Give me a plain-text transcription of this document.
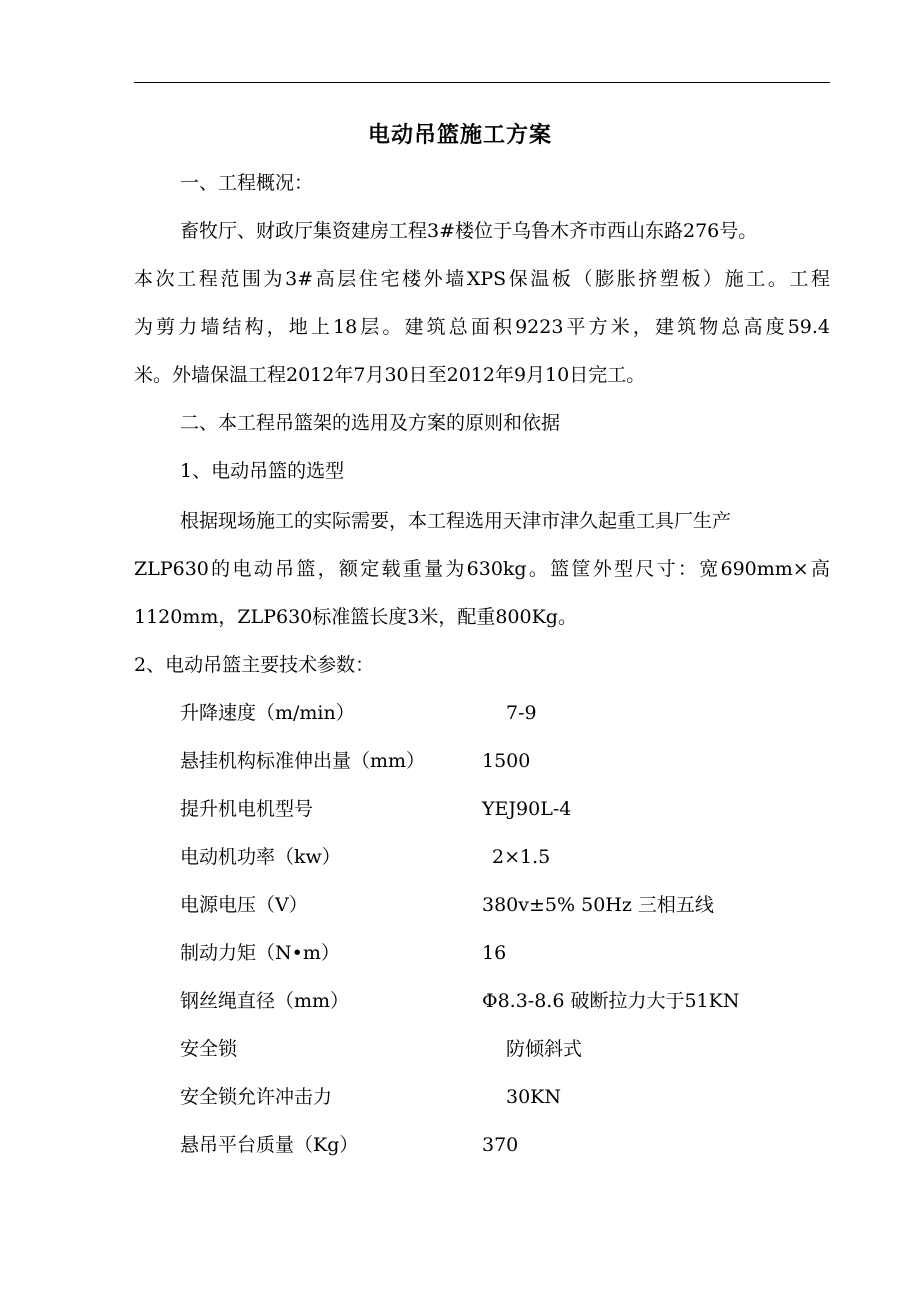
电动吊篮施工方案
一、工程概况：
畜牧厅、财政厅集资建房工程3#楼位于乌鲁木齐市西山东路276号。
本次工程范围为3#高层住宅楼外墙XPS保温板（膨胀挤塑板）施工。工程
为剪力墙结构，地上18层。建筑总面积9223平方米，建筑物总高度59.4
米。外墙保温工程2012年7月30日至2012年9月10日完工。
二、本工程吊篮架的选用及方案的原则和依据
1、电动吊篮的选型
根据现场施工的实际需要，本工程选用天津市津久起重工具厂生产
ZLP630的电动吊篮，额定载重量为630kg。篮筐外型尺寸：宽690mm×高
1120mm，ZLP630标准篮长度3米，配重800Kg。
2、电动吊篮主要技术参数：
升降速度（m/min）	7-9
悬挂机构标准伸出量（mm）	1500
提升机电机型号	YEJ90L-4
电动机功率（kw）	2×1.5
电源电压（V）	380v±5% 50Hz 三相五线
制动力矩（N•m）	16
钢丝绳直径（mm）	Φ8.3-8.6 破断拉力大于51KN
安全锁	防倾斜式
安全锁允许冲击力	30KN
悬吊平台质量（Kg）	370
